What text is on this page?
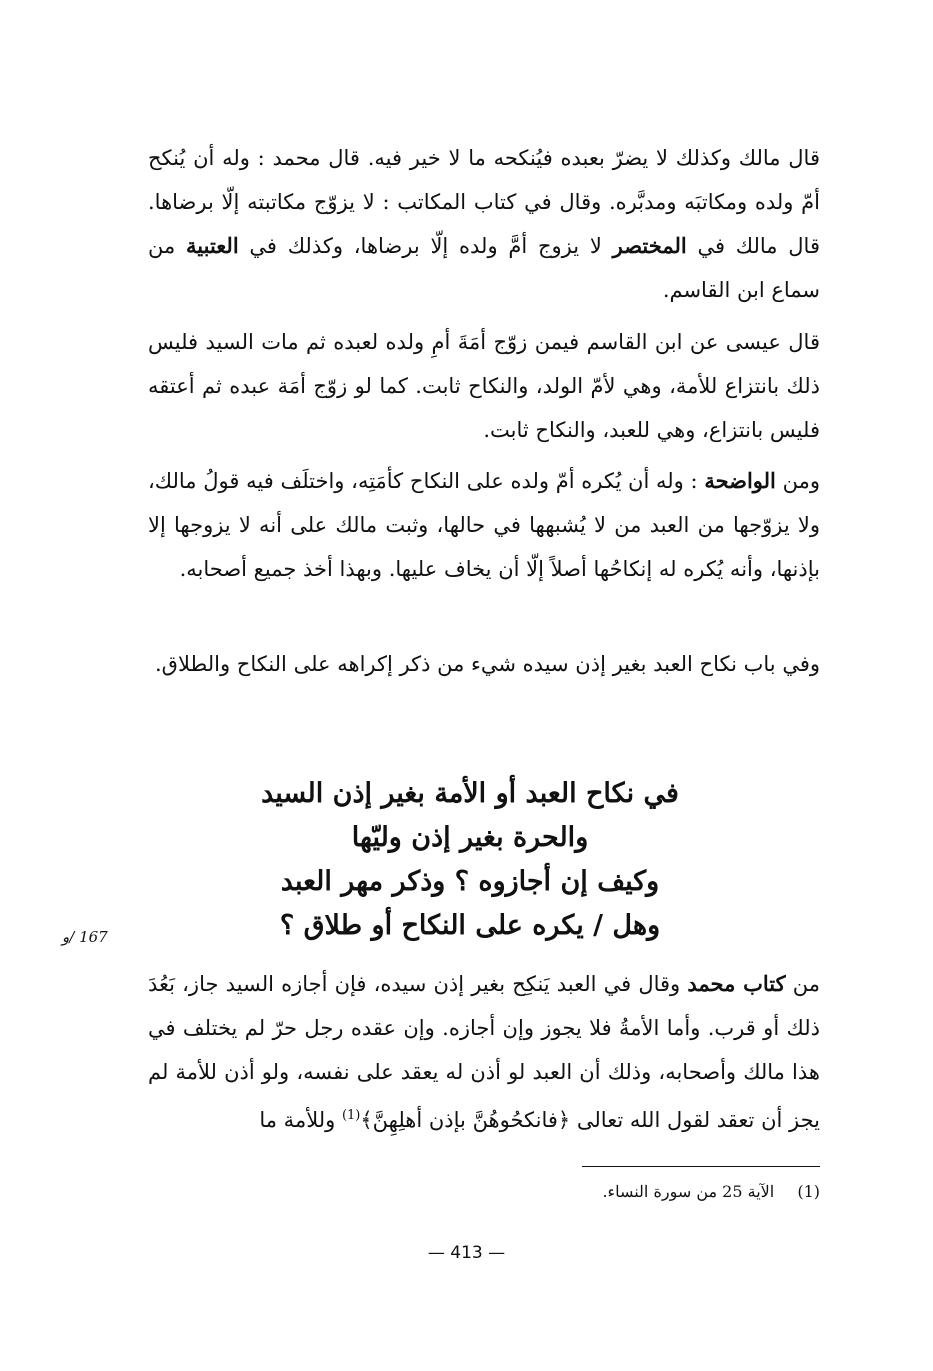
قال مالك وكذلك لا يضرّ بعبده فيُنكحه ما لا خير فيه. قال محمد : وله أن يُنكح أمّ ولده ومكاتبَه ومدبَّره. وقال في كتاب المكاتب : لا يزوّج مكاتبته إلّا برضاها. قال مالك في المختصر لا يزوج أمَّ ولده إلّا برضاها، وكذلك في العتبية من سماع ابن القاسم.
قال عيسى عن ابن القاسم فيمن زوّج أمَةَ أمِ ولده لعبده ثم مات السيد فليس ذلك بانتزاع للأمة، وهي لأمّ الولد، والنكاح ثابت. كما لو زوّج أمَة عبده ثم أعتقه فليس بانتزاع، وهي للعبد، والنكاح ثابت.
ومن الواضحة : وله أن يُكره أمّ ولده على النكاح كأمَتِه، واختلَف فيه قولُ مالك، ولا يزوّجها من العبد من لا يُشبهها في حالها، وثبت مالك على أنه لا يزوجها إلا بإذنها، وأنه يُكره له إنكاحُها أصلاً إلّا أن يخاف عليها. وبهذا أخذ جميع أصحابه.
وفي باب نكاح العبد بغير إذن سيده شيء من ذكر إكراهه على النكاح والطلاق.
في نكاح العبد أو الأمة بغير إذن السيد
والحرة بغير إذن وليّها
وكيف إن أجازوه ؟ وذكر مهر العبد
وهل / يكره على النكاح أو طلاق ؟
167 /و
من كتاب محمد وقال في العبد يَنكِح بغير إذن سيده، فإن أجازه السيد جاز، بَعُدَ ذلك أو قرب. وأما الأمةُ فلا يجوز وإن أجازه. وإن عقده رجل حرّ لم يختلف في هذا مالك وأصحابه، وذلك أن العبد لو أذن له يعقد على نفسه، ولو أذن للأمة لم يجز أن تعقد لقول الله تعالى ﴿فانكحُوهُنَّ بإذن أهلِهِنَّ﴾$^{(1)}$ وللأمة ما
(1) الآية 25 من سورة النساء.
— 413 —
